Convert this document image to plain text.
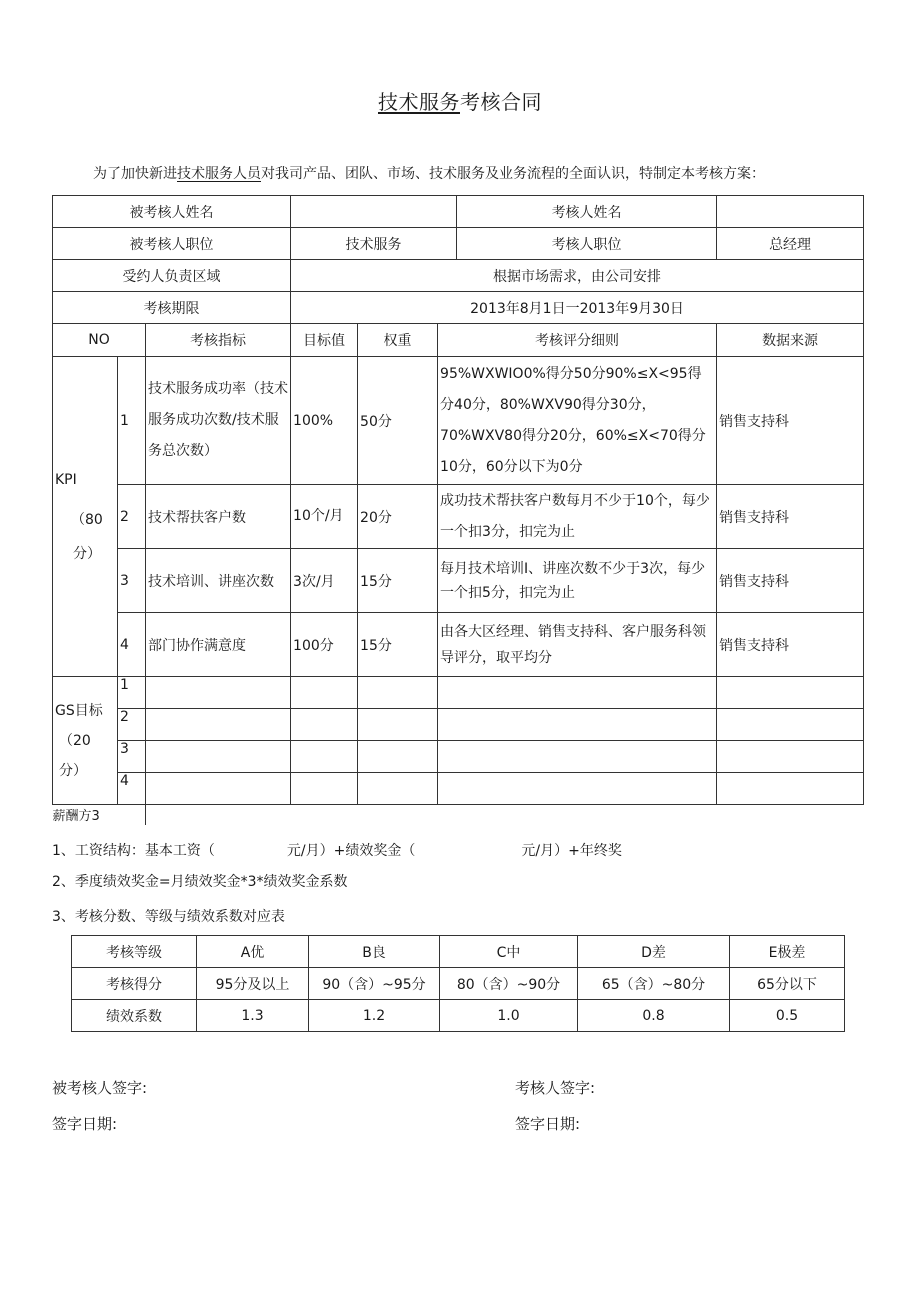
技术服务考核合同
为了加快新进技术服务人员对我司产品、团队、市场、技术服务及业务流程的全面认识，特制定本考核方案：
被考核人姓名						考核人姓名	
被考核人职位			技术服务			考核人职位	总经理
受约人负责区域			根据市场需求，由公司安排				
考核期限			2013年8月1日一2013年9月30日				
NO		考核指标	目标值	权重	考核评分细则		数据来源

KPI
（80
分）	1	技术服务成功率（技术服务成功次数/技术服务总次数）	100%	50分	95%WXWIO0%得分50分90%≤X<95得分40分，80%WXV90得分30分，70%WXV80得分20分，60%≤X<70得分10分，60分以下为0分		销售支持科
	2	技术帮扶客户数	10个/月	20分	成功技术帮扶客户数每月不少于10个，每少一个扣3分，扣完为止		销售支持科
	3	技术培训、讲座次数	3次/月	15分	每月技术培训I、讲座次数不少于3次，每少一个扣5分，扣完为止		销售支持科
	4	部门协作满意度	100分	15分	由各大区经理、销售支持科、客户服务科领导评分，取平均分		销售支持科

GS目标
（20
分）	1						
	2						
	3						
	4						
薪酬方3							
1、工资结构：基本工资（	元/月）+绩效奖金（	元/月）+年终奖
2、季度绩效奖金=月绩效奖金*3*绩效奖金系数
3、考核分数、等级与绩效系数对应表
考核等级	A优	B良	C中	D差	E极差
考核得分	95分及以上	90（含）~95分	80（含）~90分	65（含）~80分	65分以下
绩效系数	1.3	1.2	1.0	0.8	0.5
被考核人签字:	考核人签字:
签字日期:	签字日期:
